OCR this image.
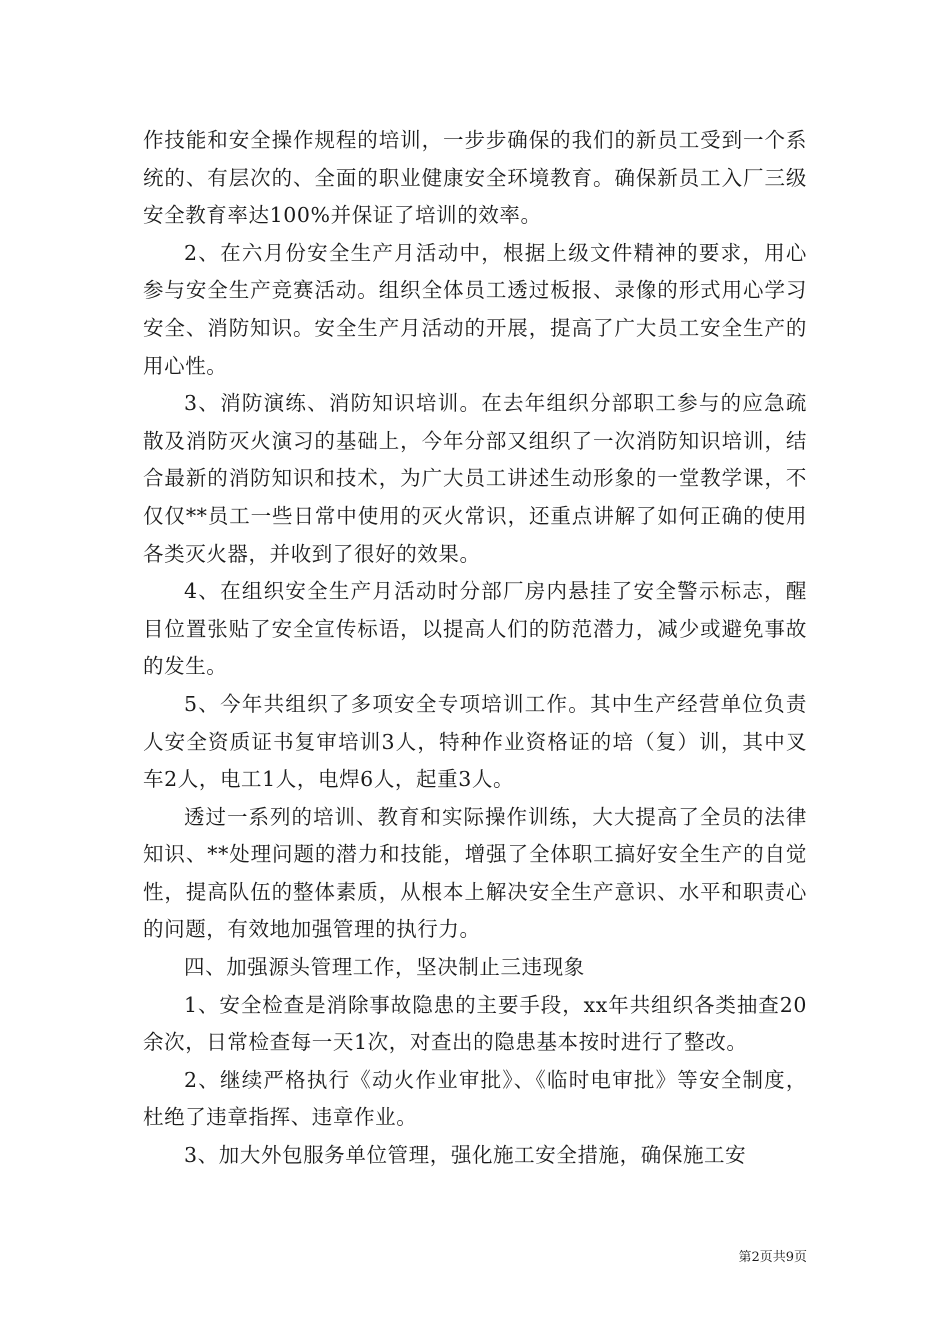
作技能和安全操作规程的培训，一步步确保的我们的新员工受到一个系统的、有层次的、全面的职业健康安全环境教育。确保新员工入厂三级安全教育率达100%并保证了培训的效率。

2、在六月份安全生产月活动中，根据上级文件精神的要求，用心参与安全生产竞赛活动。组织全体员工透过板报、录像的形式用心学习安全、消防知识。安全生产月活动的开展，提高了广大员工安全生产的用心性。

3、消防演练、消防知识培训。在去年组织分部职工参与的应急疏散及消防灭火演习的基础上，今年分部又组织了一次消防知识培训，结合最新的消防知识和技术，为广大员工讲述生动形象的一堂教学课，不仅仅**员工一些日常中使用的灭火常识，还重点讲解了如何正确的使用各类灭火器，并收到了很好的效果。

4、在组织安全生产月活动时分部厂房内悬挂了安全警示标志，醒目位置张贴了安全宣传标语，以提高人们的防范潜力，减少或避免事故的发生。

5、今年共组织了多项安全专项培训工作。其中生产经营单位负责人安全资质证书复审培训3人，特种作业资格证的培（复）训，其中叉车2人，电工1人，电焊6人，起重3人。

透过一系列的培训、教育和实际操作训练，大大提高了全员的法律知识、**处理问题的潜力和技能，增强了全体职工搞好安全生产的自觉性，提高队伍的整体素质，从根本上解决安全生产意识、水平和职责心的问题，有效地加强管理的执行力。

四、加强源头管理工作，坚决制止三违现象

1、安全检查是消除事故隐患的主要手段，xx年共组织各类抽查20余次，日常检查每一天1次，对查出的隐患基本按时进行了整改。

2、继续严格执行《动火作业审批》、《临时电审批》等安全制度，杜绝了违章指挥、违章作业。

3、加大外包服务单位管理，强化施工安全措施，确保施工安

第2页共9页
